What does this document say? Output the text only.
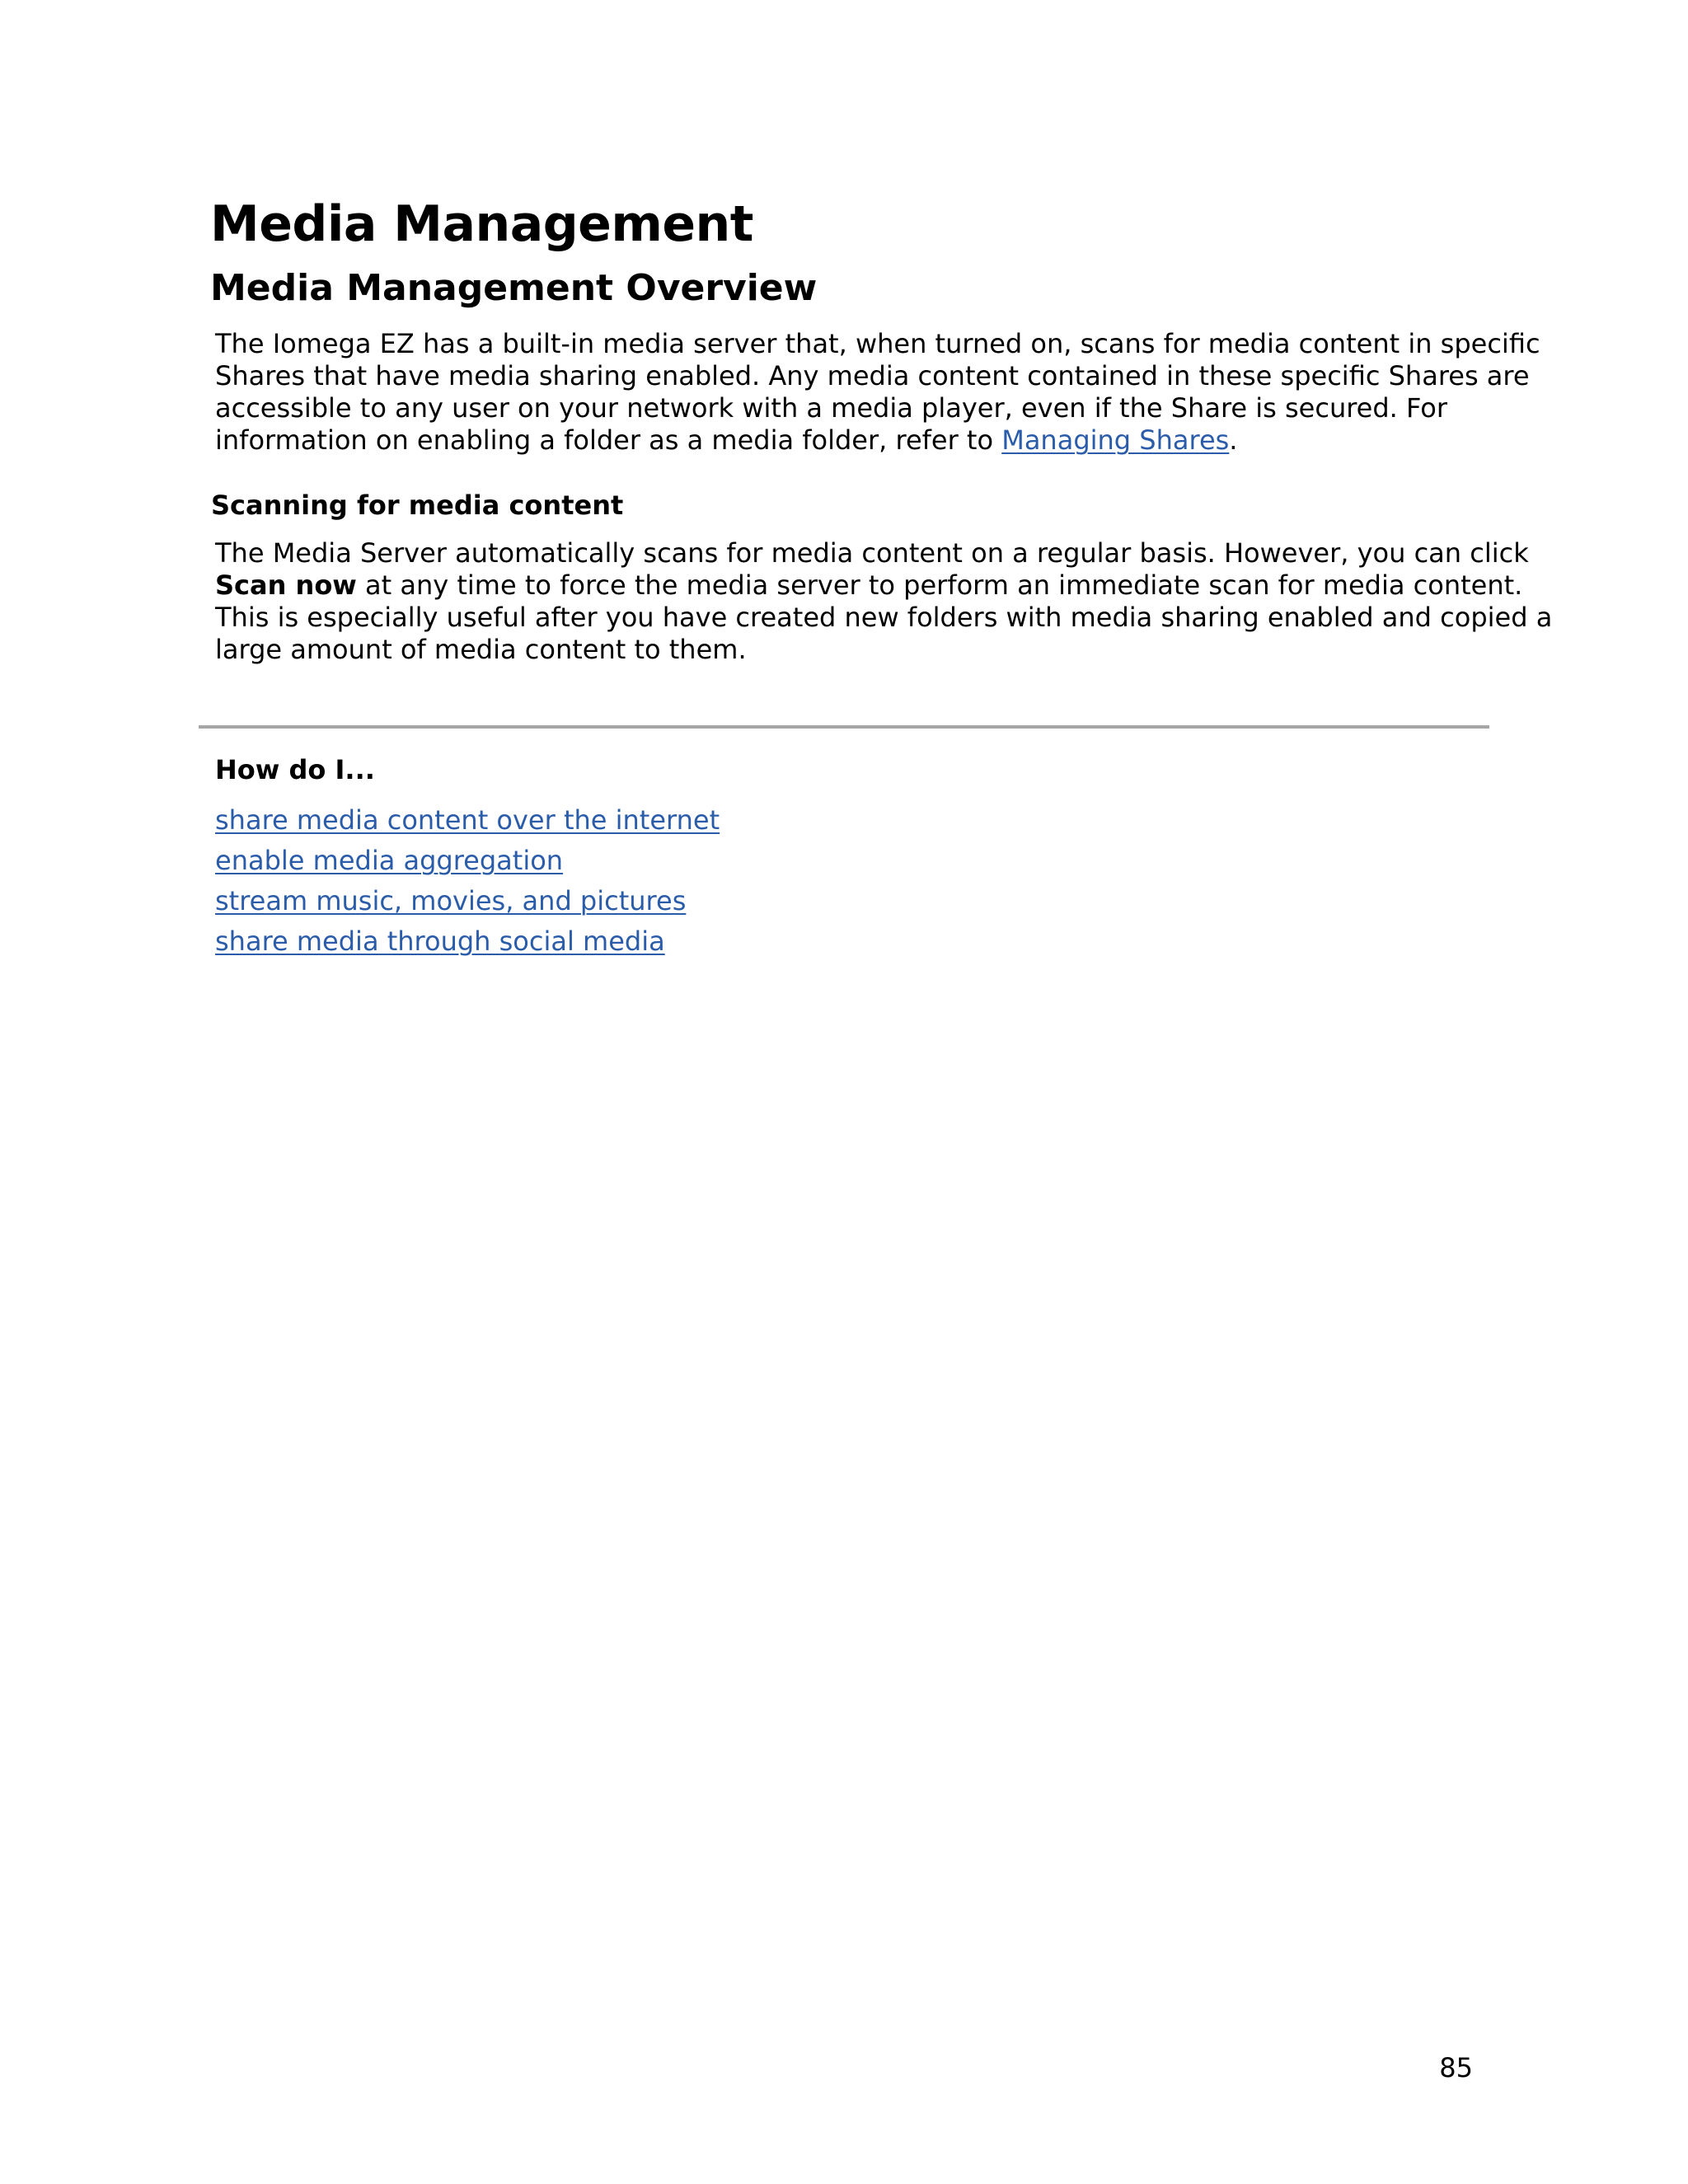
Media Management
Media Management Overview

The Iomega EZ has a built-in media server that, when turned on, scans for media content in specific
Shares that have media sharing enabled. Any media content contained in these specific Shares are
accessible to any user on your network with a media player, even if the Share is secured. For
information on enabling a folder as a media folder, refer to Managing Shares.

Scanning for media content

The Media Server automatically scans for media content on a regular basis. However, you can click
Scan now at any time to force the media server to perform an immediate scan for media content.
This is especially useful after you have created new folders with media sharing enabled and copied a
large amount of media content to them.

How do I...
share media content over the internet
enable media aggregation
stream music, movies, and pictures
share media through social media
85
